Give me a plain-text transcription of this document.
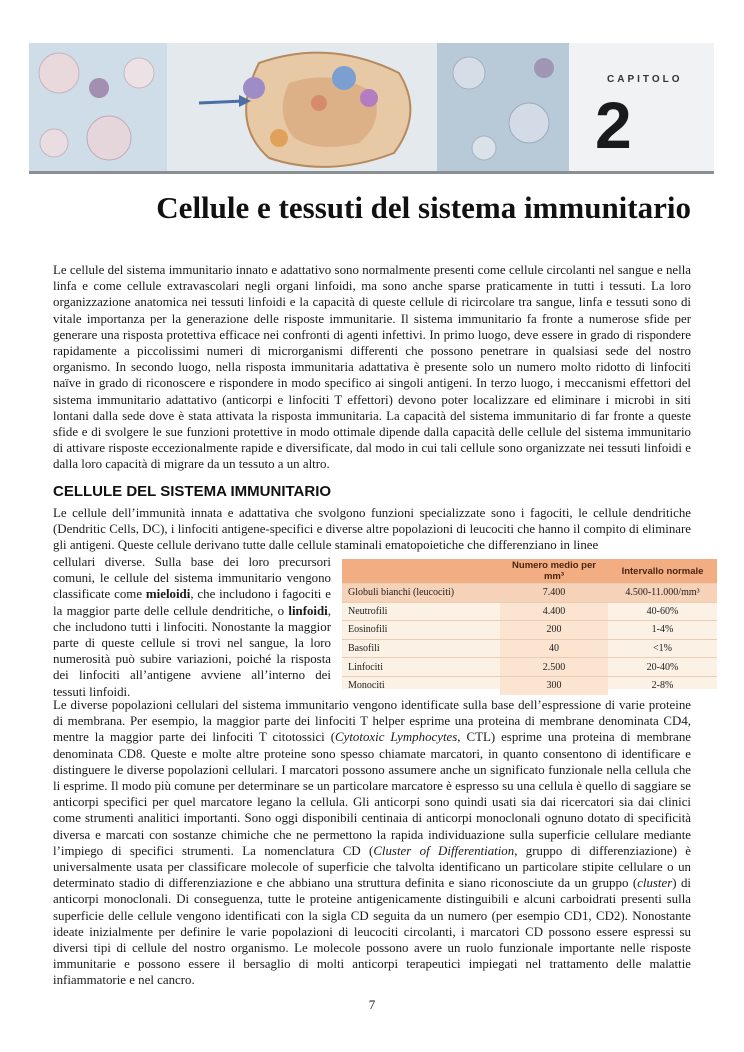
CAPITOLO
2
Cellule e tessuti del sistema immunitario

Le cellule del sistema immunitario innato e adattativo sono normalmente presenti come cellule circolanti nel sangue e nella linfa e come cellule extravascolari negli organi linfoidi, ma sono anche sparse praticamente in tutti i tessuti. La loro organizzazione anatomica nei tessuti linfoidi e la capacità di queste cellule di ricircolare tra sangue, linfa e tessuti sono di vitale importanza per la generazione delle risposte immunitarie. Il sistema immunitario fa fronte a numerose sfide per generare una risposta protettiva efficace nei confronti di agenti infettivi. In primo luogo, deve essere in grado di rispondere rapidamente a piccolissimi numeri di microrganismi differenti che possono penetrare in qualsiasi sede del nostro organismo. In secondo luogo, nella risposta immunitaria adattativa è presente solo un numero molto ridotto di linfociti naïve in grado di riconoscere e rispondere in modo specifico ai singoli antigeni. In terzo luogo, i meccanismi effettori del sistema immunitario adattativo (anticorpi e linfociti T effettori) devono poter localizzare ed eliminare i microbi in siti lontani dalla sede dove è stata attivata la risposta immunitaria. La capacità del sistema immunitario di far fronte a queste sfide e di svolgere le sue funzioni protettive in modo ottimale dipende dalla capacità delle cellule del sistema immunitario di attivare risposte eccezionalmente rapide e diversificate, dal modo in cui tali cellule sono organizzate nei tessuti linfoidi e dalla loro capacità di migrare da un tessuto a un altro.

CELLULE DEL SISTEMA IMMUNITARIO

Le cellule dell’immunità innata e adattativa che svolgono funzioni specializzate sono i fagociti, le cellule dendritiche (Dendritic Cells, DC), i linfociti antigene-specifici e diverse altre popolazioni di leucociti che hanno il compito di eliminare gli antigeni. Queste cellule derivano tutte dalle cellule staminali ematopoietiche che differenziano in linee

cellulari diverse. Sulla base dei loro precursori comuni, le cellule del sistema immunitario vengono classificate come mieloidi, che includono i fagociti e la maggior parte delle cellule dendritiche, o linfoidi, che includono tutti i linfociti. Nonostante la maggior parte di queste cellule si trovi nel sangue, la loro numerosità può subire variazioni, poiché la risposta dei linfociti all’antigene avviene all’interno dei tessuti linfoidi.

	Numero medio per mm³	Intervallo normale
Globuli bianchi (leucociti)	7.400	4.500-11.000/mm³
Neutrofili	4.400	40-60%
Eosinofili	200	1-4%
Basofili	40	<1%
Linfociti	2.500	20-40%
Monociti	300	2-8%

Le diverse popolazioni cellulari del sistema immunitario vengono identificate sulla base dell’espressione di varie proteine di membrana. Per esempio, la maggior parte dei linfociti T helper esprime una proteina di membrane denominata CD4, mentre la maggior parte dei linfociti T citotossici (Cytotoxic Lymphocytes, CTL) esprime una proteina di membrane denominata CD8. Queste e molte altre proteine sono spesso chiamate marcatori, in quanto consentono di identificare e distinguere le diverse popolazioni cellulari. I marcatori possono assumere anche un significato funzionale nella cellula che li esprime. Il modo più comune per determinare se un particolare marcatore è espresso su una cellula è quello di saggiare se anticorpi specifici per quel marcatore legano la cellula. Gli anticorpi sono quindi usati sia dai ricercatori sia dai clinici come strumenti analitici importanti. Sono oggi disponibili centinaia di anticorpi monoclonali ognuno dotato di specificità diversa e marcati con sostanze chimiche che ne permettono la rapida individuazione sulla superficie cellulare mediante l’impiego di specifici strumenti. La nomenclatura CD (Cluster of Differentiation, gruppo di differenziazione) è universalmente usata per classificare molecole of superficie che talvolta identificano un particolare stipite cellulare o un determinato stadio di differenziazione e che abbiano una struttura definita e siano riconosciute da un gruppo (cluster) di anticorpi monoclonali. Di conseguenza, tutte le proteine antigenicamente distinguibili e alcuni carboidrati presenti sulla superficie delle cellule vengono identificati con la sigla CD seguita da un numero (per esempio CD1, CD2). Nonostante ideate inizialmente per definire le varie popolazioni di leucociti circolanti, i marcatori CD possono essere espressi su diversi tipi di cellule del nostro organismo. Le molecole possono avere un ruolo funzionale importante nelle risposte immunitarie e possono essere il bersaglio di molti anticorpi terapeutici impiegati nel trattamento delle malattie infiammatorie e nel cancro.

7
